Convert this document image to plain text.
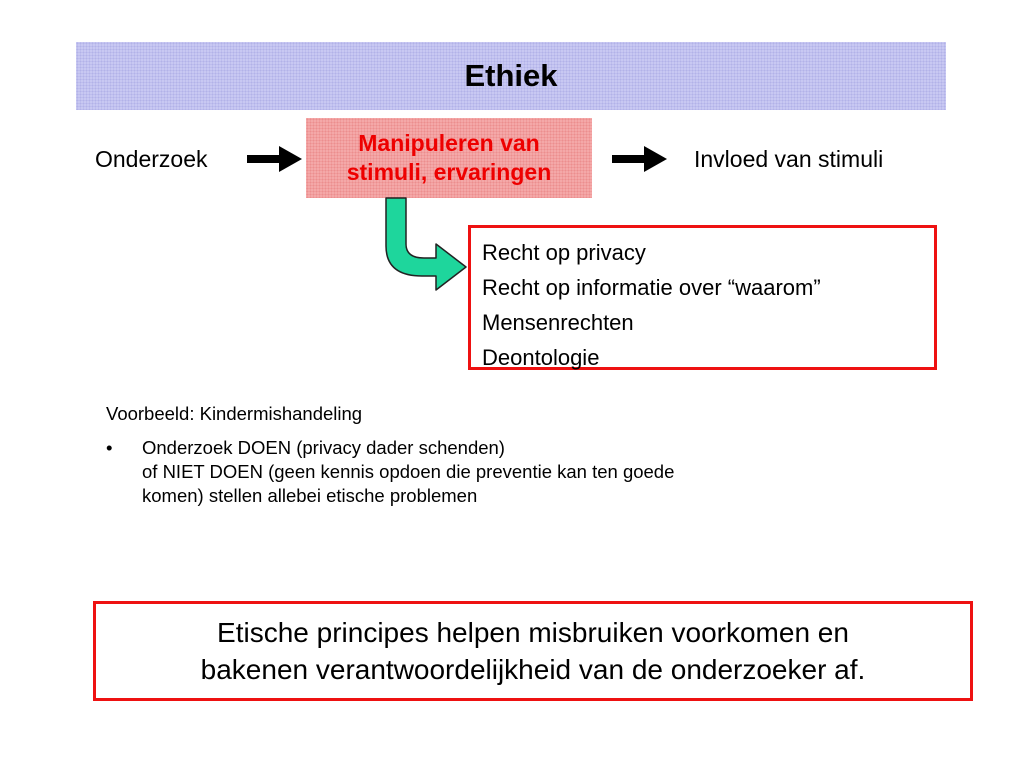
Ethiek
Onderzoek
Manipuleren van
stimuli, ervaringen	Invloed van stimuli
Recht op privacy
Recht op informatie over “waarom”
Mensenrechten
Deontologie
Voorbeeld: Kindermishandeling
•	Onderzoek DOEN (privacy dader schenden)
of NIET DOEN (geen kennis opdoen die preventie kan ten goede
komen) stellen allebei etische problemen
Etische principes helpen misbruiken voorkomen en
bakenen verantwoordelijkheid van de onderzoeker af.
